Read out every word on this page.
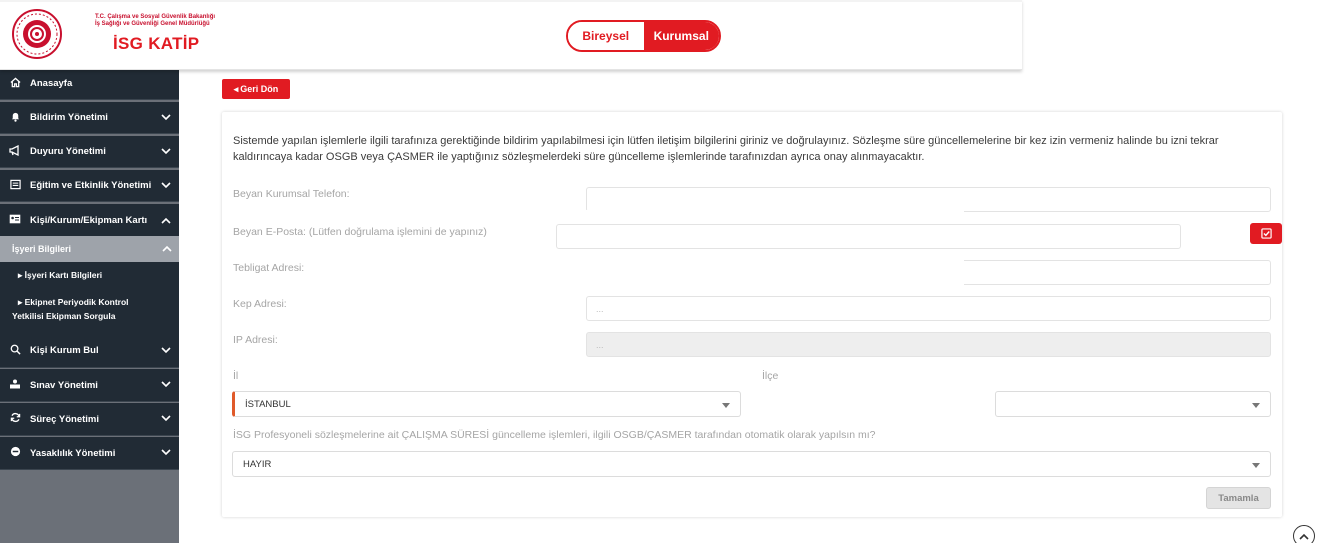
T.C. Çalışma ve Sosyal Güvenlik Bakanlığı
İş Sağlığı ve Güvenliği Genel Müdürlüğü
İSG KATİP	Bireysel	Kurumsal
Anasayfa
Bildirim Yönetimi
Duyuru Yönetimi
Eğitim ve Etkinlik Yönetimi
Kişi/Kurum/Ekipman Kartı
Kişi Kurum Bul
Sınav Yönetimi
Süreç Yönetimi
Yasaklılık Yönetimi
İşyeri Bilgileri
▸ İşyeri Kartı Bilgileri
▸ Ekipnet Periyodik Kontrol
Yetkilisi Ekipman Sorgula
◂ Geri Dön
Sistemde yapılan işlemlerle ilgili tarafınıza gerektiğinde bildirim yapılabilmesi için lütfen iletişim bilgilerini giriniz ve doğrulayınız. Sözleşme süre güncellemelerine bir kez izin vermeniz halinde bu izni tekrar kaldırıncaya kadar OSGB veya ÇASMER ile yaptığınız sözleşmelerdeki süre güncelleme işlemlerinde tarafınızdan ayrıca onay alınmayacaktır.
Beyan Kurumsal Telefon:
Beyan E-Posta: (Lütfen doğrulama işlemini de yapınız)
Tebligat Adresi:
Kep Adresi:	...
IP Adresi:	...
İl	İlçe
İSTANBUL
İSG Profesyoneli sözleşmelerine ait ÇALIŞMA SÜRESİ güncelleme işlemleri, ilgili OSGB/ÇASMER tarafından otomatik olarak yapılsın mı?
HAYIR
Tamamla
